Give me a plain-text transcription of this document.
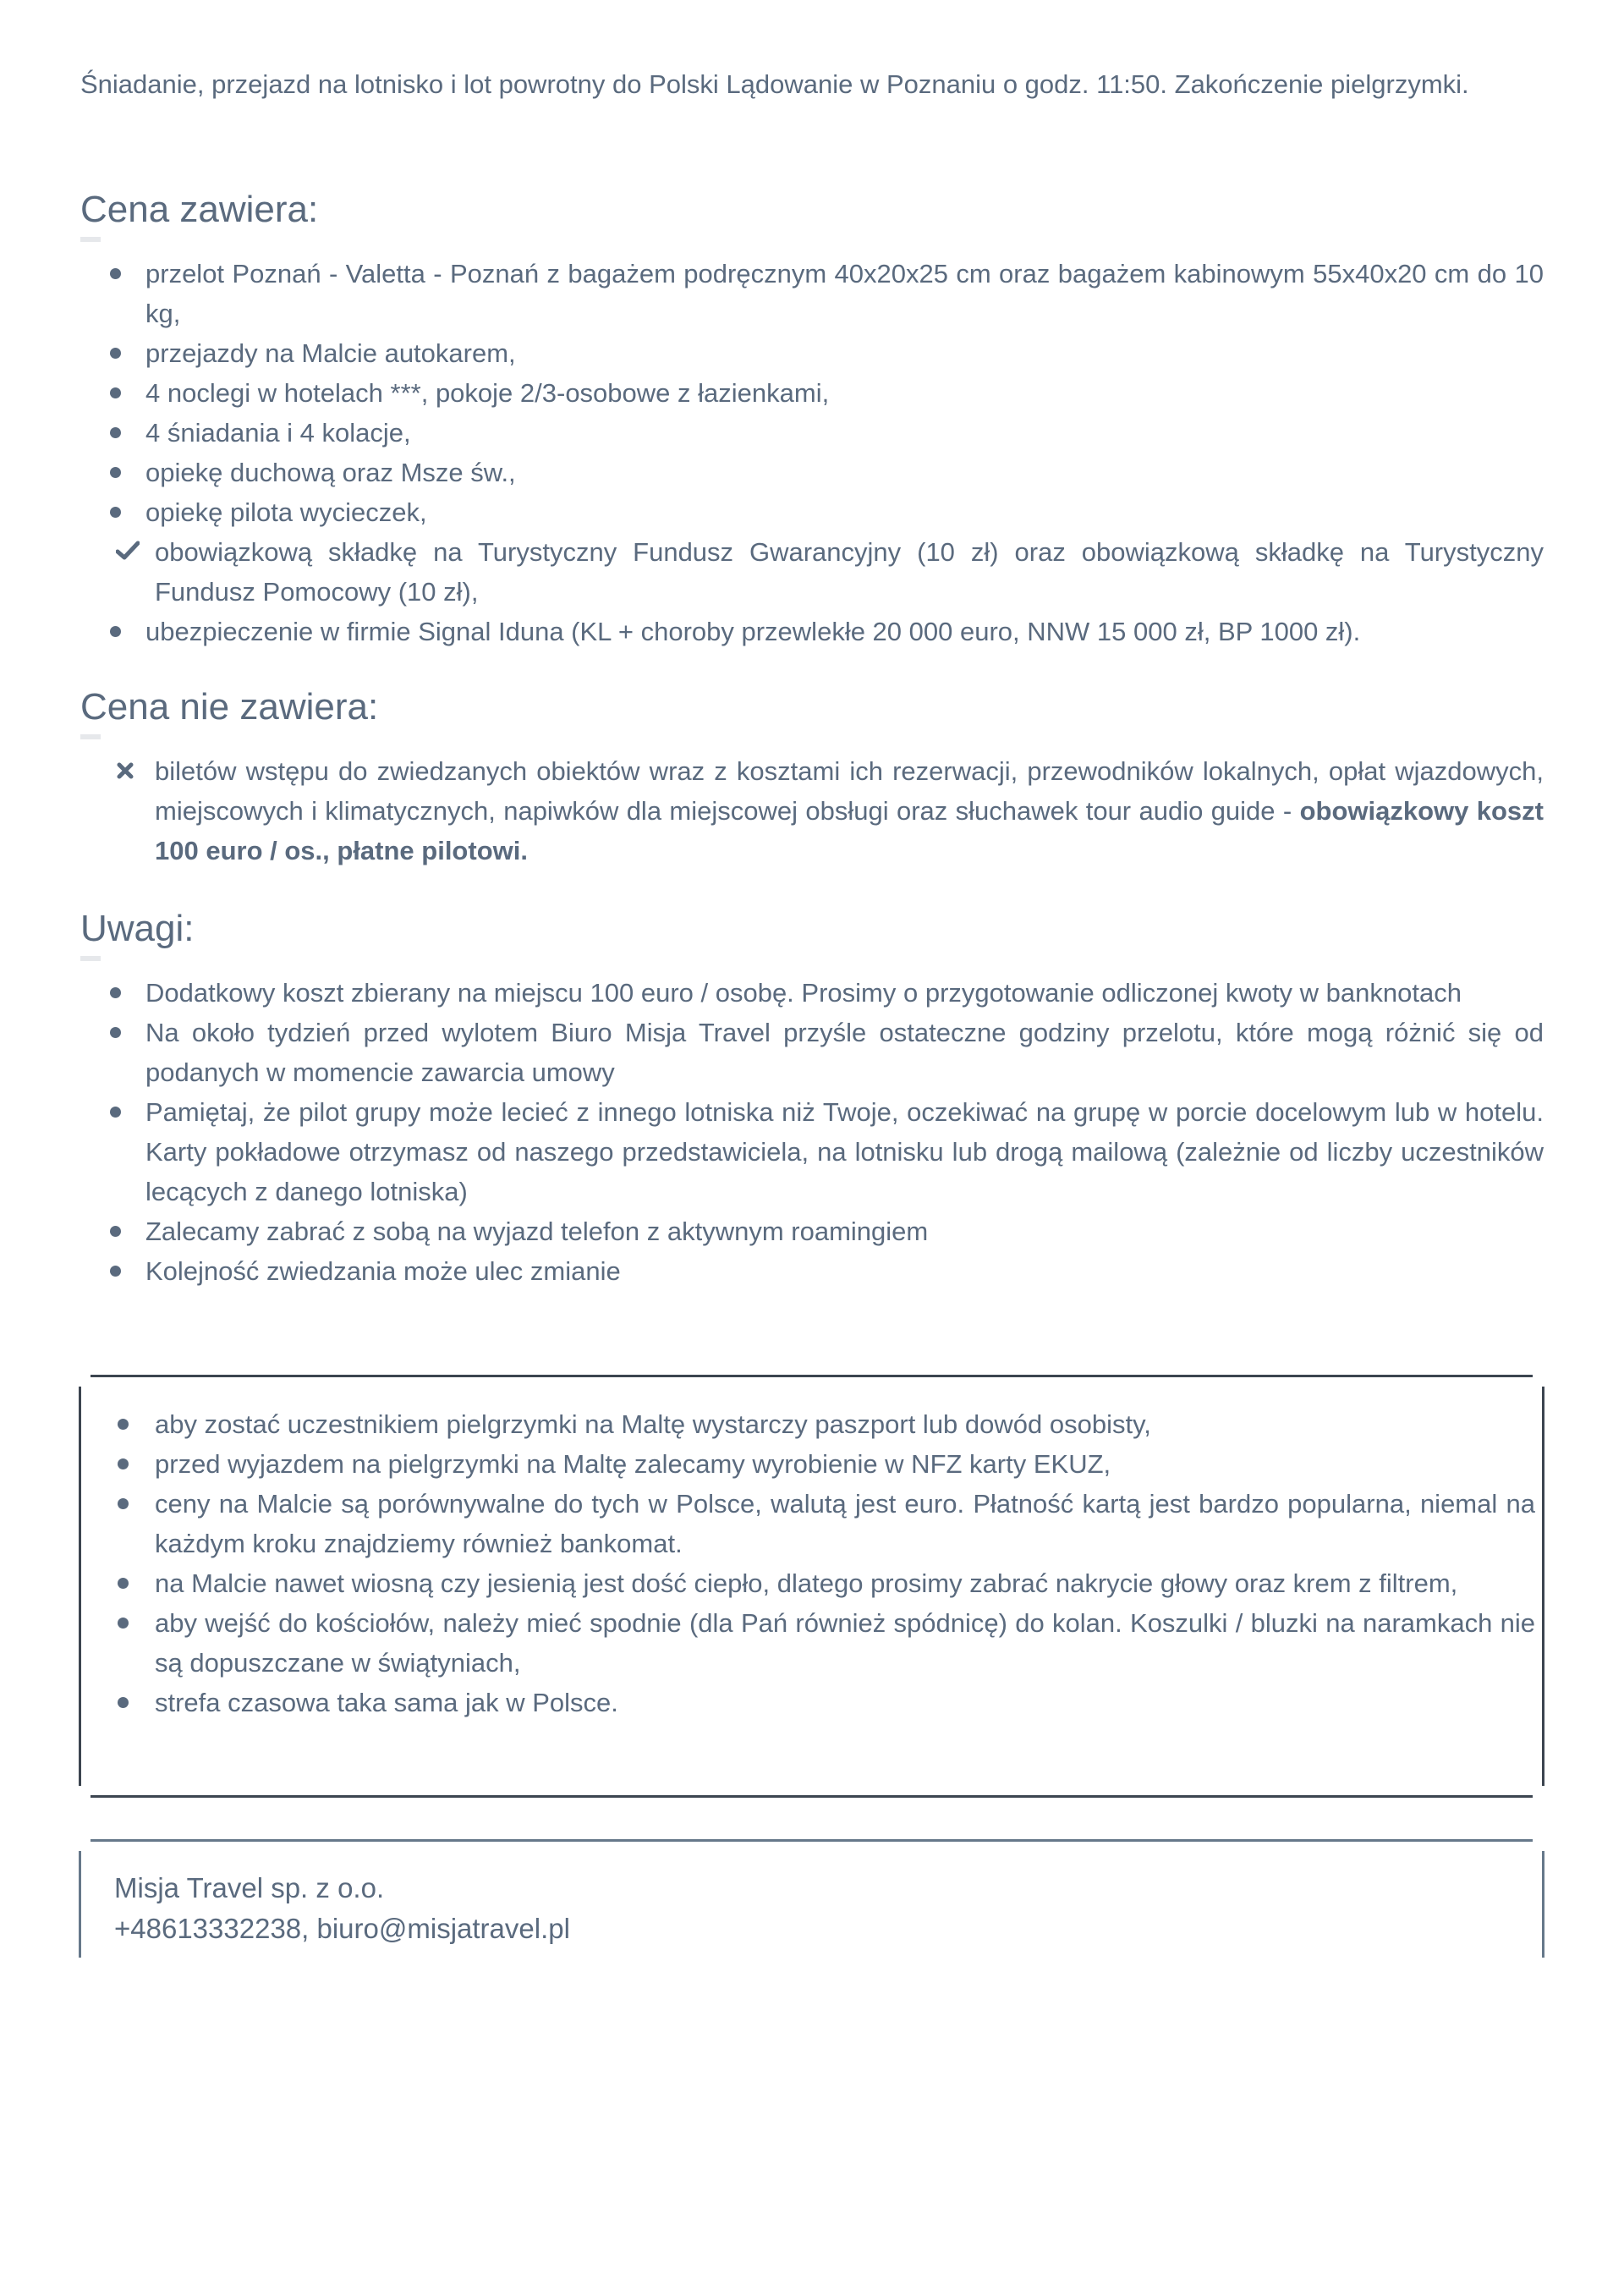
Śniadanie, przejazd na lotnisko i lot powrotny do Polski Lądowanie w Poznaniu o godz. 11:50. Zakończenie pielgrzymki.

Cena zawiera:
przelot Poznań - Valetta - Poznań z bagażem podręcznym 40x20x25 cm oraz bagażem kabinowym 55x40x20 cm do 10 kg,
przejazdy na Malcie autokarem,
4 noclegi w hotelach ***, pokoje 2/3-osobowe z łazienkami,
4 śniadania i 4 kolacje,
opiekę duchową oraz Msze św.,
opiekę pilota wycieczek,
obowiązkową składkę na Turystyczny Fundusz Gwarancyjny (10 zł) oraz obowiązkową składkę na Turystyczny Fundusz Pomocowy (10 zł),
ubezpieczenie w firmie Signal Iduna (KL + choroby przewlekłe 20 000 euro, NNW 15 000 zł, BP 1000 zł).
Cena nie zawiera:
biletów wstępu do zwiedzanych obiektów wraz z kosztami ich rezerwacji, przewodników lokalnych, opłat wjazdowych, miejscowych i klimatycznych, napiwków dla miejscowej obsługi oraz słuchawek tour audio guide - obowiązkowy koszt 100 euro / os., płatne pilotowi.
Uwagi:
Dodatkowy koszt zbierany na miejscu 100 euro / osobę. Prosimy o przygotowanie odliczonej kwoty w banknotach
Na około tydzień przed wylotem Biuro Misja Travel przyśle ostateczne godziny przelotu, które mogą różnić się od podanych w momencie zawarcia umowy
Pamiętaj, że pilot grupy może lecieć z innego lotniska niż Twoje, oczekiwać na grupę w porcie docelowym lub w hotelu. Karty pokładowe otrzymasz od naszego przedstawiciela, na lotnisku lub drogą mailową (zależnie od liczby uczestników lecących z danego lotniska)
Zalecamy zabrać z sobą na wyjazd telefon z aktywnym roamingiem
Kolejność zwiedzania może ulec zmianie
aby zostać uczestnikiem pielgrzymki na Maltę wystarczy paszport lub dowód osobisty,
przed wyjazdem na pielgrzymki na Maltę zalecamy wyrobienie w NFZ karty EKUZ,
ceny na Malcie są porównywalne do tych w Polsce, walutą jest euro. Płatność kartą jest bardzo popularna, niemal na każdym kroku znajdziemy również bankomat.
na Malcie nawet wiosną czy jesienią jest dość ciepło, dlatego prosimy zabrać nakrycie głowy oraz krem z filtrem,
aby wejść do kościołów, należy mieć spodnie (dla Pań również spódnicę) do kolan. Koszulki / bluzki na naramkach nie są dopuszczane w świątyniach,
strefa czasowa taka sama jak w Polsce.
Misja Travel sp. z o.o.
+48613332238, biuro@misjatravel.pl
